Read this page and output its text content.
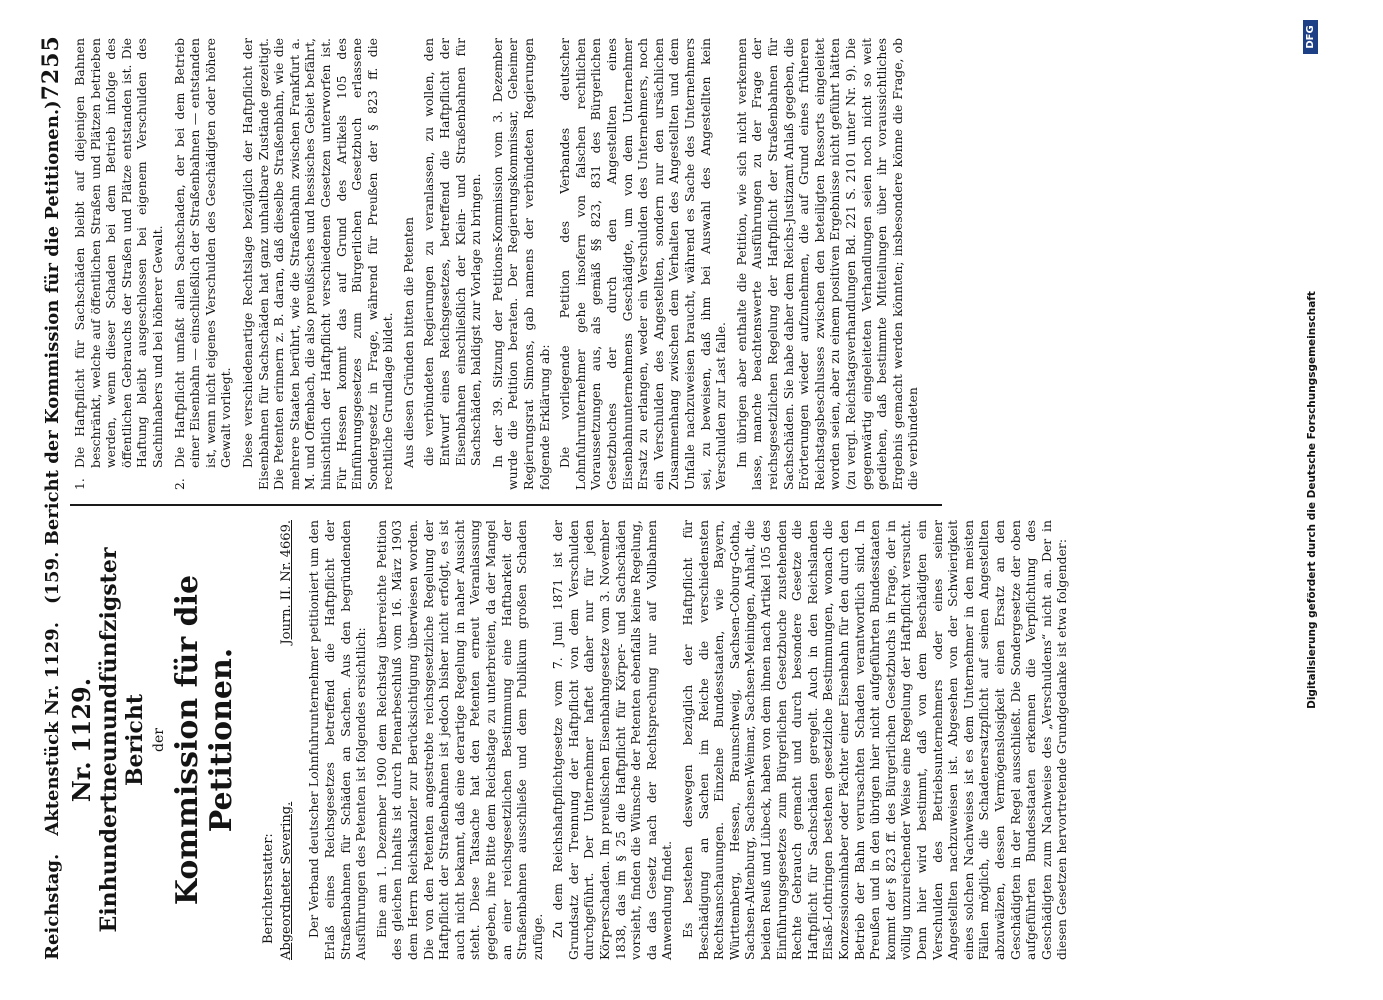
Reichstag.
Aktenstück Nr. 1129.
(159. Bericht der Kommission für die Petitionen.)
7255
Nr. 1129. Einhundertneunundfünfzigster Bericht der Kommission für die Petitionen.
Berichterstatter: Abgeordneter Severing.
Journ. II. Nr. 4669. Der Verband deutscher Lohnfuhrunternehmer petitioniert um den Erlaß eines Reichsgesetzes betreffend die Haftpflicht der Straßenbahnen für Schäden an Sachen. Aus den begründenden Ausführungen des Petenten ist folgendes ersichtlich: Eine am 1. Dezember 1900 dem Reichstag überreichte Petition des gleichen Inhalts ist durch Plenarbeschluß vom 16. März 1903 dem Herrn Reichskanzler zur Berücksichtigung überwiesen worden. Die von den Petenten angestrebte reichsgesetzliche Regelung der Haftpflicht der Straßenbahnen ist jedoch bisher nicht erfolgt, es ist auch nicht bekannt, daß eine derartige Regelung in naher Aussicht steht. Diese Tatsache hat den Petenten erneut Veranlassung gegeben, ihre Bitte dem Reichstage zu unterbreiten, da der Mangel an einer reichsgesetzlichen Bestimmung eine Haftbarkeit der Straßenbahnen ausschließe und dem Publikum großen Schaden zufüge. Zu dem Reichshaftpflichtgesetze vom 7. Juni 1871 ist der Grundsatz der Trennung der Haftpflicht von dem Verschulden durchgeführt. Der Unternehmer haftet daher nur für jeden Körperschaden. Im preußischen Eisenbahngesetze vom 3. November 1838, das im § 25 die Haftpflicht für Körper- und Sachschäden vorsieht, finden die Wünsche der Petenten ebenfalls keine Regelung, da das Gesetz nach der Rechtsprechung nur auf Vollbahnen Anwendung findet. Es bestehen deswegen bezüglich der Haftpflicht für Beschädigung an Sachen im Reiche die verschiedensten Rechtsanschauungen. Einzelne Bundesstaaten, wie Bayern, Württemberg, Hessen, Braunschweig, Sachsen-Coburg-Gotha, Sachsen-Altenburg, Sachsen-Weimar, Sachsen-Meiningen, Anhalt, die beiden Reuß und Lübeck, haben von dem ihnen nach Artikel 105 des Einführungsgesetzes zum Bürgerlichen Gesetzbuche zustehenden Rechte Gebrauch gemacht und durch besondere Gesetze die Haftpflicht für Sachschäden geregelt. Auch in den Reichslanden Elsaß-Lothringen bestehen gesetzliche Bestimmungen, wonach die Konzessionsinhaber oder Pächter einer Eisenbahn für den durch den Betrieb der Bahn verursachten Schaden verantwortlich sind. In Preußen und in den übrigen hier nicht aufgeführten Bundesstaaten kommt der § 823 ff. des Bürgerlichen Gesetzbuchs in Frage, der in völlig unzureichender Weise eine Regelung der Haftpflicht versucht. Denn hier wird bestimmt, daß von dem Beschädigten ein Verschulden des Betriebsunternehmers oder eines seiner Angestellten nachzuweisen ist. Abgesehen von der Schwierigkeit eines solchen Nachweises ist es dem Unternehmer in den meisten Fällen möglich, die Schadenersatzpflicht auf seinen Angestellten abzuwälzen, dessen Vermögenslosigkeit einen Ersatz an den Geschädigten in der Regel ausschließt. Die Sondergesetze der oben aufgeführten Bundesstaaten erkennen die Verpflichtung des Geschädigten zum Nachweise des „Verschuldens“ nicht an. Der in diesen Gesetzen hervortretende Grundgedanke ist etwa folgender:

1.
Die Haftpflicht für Sachschäden bleibt auf diejenigen Bahnen beschränkt, welche auf öffentlichen Straßen und Plätzen betrieben werden, wenn dieser Schaden bei dem Betrieb infolge des öffentlichen Gebrauchs der Straßen und Plätze entstanden ist. Die Haftung bleibt ausgeschlossen bei eigenem Verschulden des Sachinhabers und bei höherer Gewalt.
2.
Die Haftpflicht umfaßt allen Sachschaden, der bei dem Betrieb einer Eisenbahn — einschließlich der Straßenbahnen — entstanden ist, wenn nicht eigenes Verschulden des Geschädigten oder höhere Gewalt vorliegt. Diese verschiedenartige Rechtslage bezüglich der Haftpflicht der Eisenbahnen für Sachschäden hat ganz unhaltbare Zustände gezeitigt. Die Petenten erinnern z. B. daran, daß dieselbe Straßenbahn, wie die mehrere Staaten berührt, wie die Straßenbahn zwischen Frankfurt a. M. und Offenbach, die also preußisches und hessisches Gebiet befährt, hinsichtlich der Haftpflicht verschiedenen Gesetzen unterworfen ist. Für Hessen kommt das auf Grund des Artikels 105 des Einführungsgesetzes zum Bürgerlichen Gesetzbuch erlassene Sondergesetz in Frage, während für Preußen der § 823 ff. die rechtliche Grundlage bildet. Aus diesen Gründen bitten die Petenten die verbündeten Regierungen zu veranlassen, zu wollen, den Entwurf eines Reichsgesetzes, betreffend die Haftpflicht der Eisenbahnen einschließlich der Klein- und Straßenbahnen für Sachschäden, baldigst zur Vorlage zu bringen. In der 39. Sitzung der Petitions-Kommission vom 3. Dezember wurde die Petition beraten. Der Regierungskommissar, Geheimer Regierungsrat Simons, gab namens der verbündeten Regierungen folgende Erklärung ab: Die vorliegende Petition des Verbandes deutscher Lohnfuhrunternehmer gehe insofern von falschen rechtlichen Voraussetzungen aus, als gemäß §§ 823, 831 des Bürgerlichen Gesetzbuches der durch den Angestellten eines Eisenbahnunternehmens Geschädigte, um von dem Unternehmer Ersatz zu erlangen, weder ein Verschulden des Unternehmers, noch ein Verschulden des Angestellten, sondern nur den ursächlichen Zusammenhang zwischen dem Verhalten des Angestellten und dem Unfalle nachzuweisen braucht, während es Sache des Unternehmers sei, zu beweisen, daß ihm bei Auswahl des Angestellten kein Verschulden zur Last falle. Im übrigen aber enthalte die Petition, wie sich nicht verkennen lasse, manche beachtenswerte Ausführungen zu der Frage der reichsgesetzlichen Regelung der Haftpflicht der Straßenbahnen für Sachschäden. Sie habe daher dem Reichs-Justizamt Anlaß gegeben, die Erörterungen wieder aufzunehmen, die auf Grund eines früheren Reichstagsbeschlusses zwischen den beteiligten Ressorts eingeleitet worden seien, aber zu einem positiven Ergebnisse nicht geführt hätten (zu vergl. Reichstagsverhandlungen Bd. 221 S. 2101 unter Nr. 9). Die gegenwärtig eingeleiteten Verhandlungen seien noch nicht so weit gediehen, daß bestimmte Mitteilungen über ihr voraussichtliches Ergebnis gemacht werden könnten; insbesondere könne die Frage, ob die verbündeten	Digitalisierung gefördert durch die Deutsche Forschungsgemeinschaft
DFG
